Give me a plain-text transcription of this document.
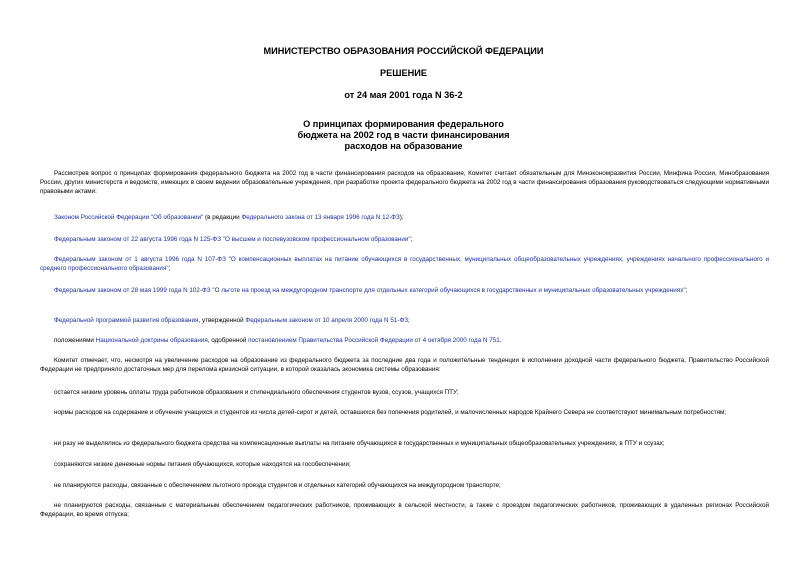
МИНИСТЕРСТВО ОБРАЗОВАНИЯ РОССИЙСКОЙ ФЕДЕРАЦИИ
РЕШЕНИЕ
от 24 мая 2001 года N 36-2
О принципах формирования федерального
бюджета на 2002 год в части финансирования
расходов на образование

Рассмотрев вопрос о принципах формирования федерального бюджета на 2002 год в части финансирования расходов на образование, Комитет считает обязательным для Минэкономразвития России, Минфина России, Минобразования России, других министерств и ведомств, имеющих в своем ведении образовательные учреждения, при разработке проекта федерального бюджета на 2002 год в части финансирования образования руководствоваться следующими нормативными правовыми актами:

Законом Российской Федерации "Об образовании" (в редакции Федерального закона от 13 января 1996 года N 12-ФЗ);

Федеральным законом от 22 августа 1996 года N 125-ФЗ "О высшем и послевузовском профессиональном образовании";

Федеральным законом от 1 августа 1996 года N 107-ФЗ "О компенсационных выплатах на питание обучающихся в государственных, муниципальных общеобразовательных учреждениях, учреждениях начального профессионального и среднего профессионального образования";

Федеральным законом от 28 мая 1999 года N 102-ФЗ "О льготе на проезд на междугородном транспорте для отдельных категорий обучающихся в государственных и муниципальных образовательных учреждениях";

Федеральной программой развития образования, утвержденной Федеральным законом от 10 апреля 2000 года N 51-ФЗ;

положениями Национальной доктрины образования, одобренной постановлением Правительства Российской Федерации от 4 октября 2000 года N 751.

Комитет отмечает, что, несмотря на увеличение расходов на образование из федерального бюджета за последние два года и положительные тенденции в исполнении доходной части федерального бюджета, Правительство Российской Федерации не предприняло достаточных мер для перелома кризисной ситуации, в которой оказалась экономика системы образования:

остается низким уровень оплаты труда работников образования и стипендиального обеспечения студентов вузов, ссузов, учащихся ПТУ;

нормы расходов на содержание и обучение учащихся и студентов из числа детей-сирот и детей, оставшихся без попечения родителей, и малочисленных народов Крайнего Севера не соответствуют минимальным потребностям;

ни разу не выделялись из федерального бюджета средства на компенсационные выплаты на питание обучающихся в государственных и муниципальных общеобразовательных учреждениях, в ПТУ и ссузах;

сохраняются низкие денежные нормы питания обучающихся, которые находятся на гособеспечении;

не планируются расходы, связанные с обеспечением льготного проезда студентов и отдельных категорий обучающихся на междугородном транспорте;

не планируются расходы, связанные с материальным обеспечением педагогических работников, проживающих в сельской местности, а также с проездом педагогических работников, проживающих в удаленных регионах Российской Федерации, во время отпуска;
